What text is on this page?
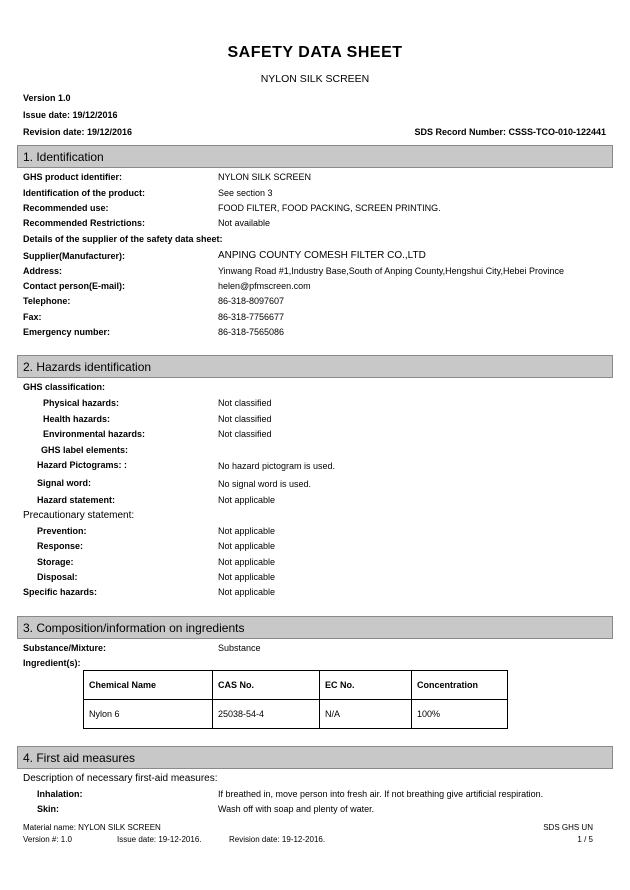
SAFETY DATA SHEET
NYLON SILK SCREEN
Version 1.0
Issue date: 19/12/2016
Revision date: 19/12/2016	SDS Record Number: CSSS-TCO-010-122441
1. Identification
GHS product identifier:	NYLON SILK SCREEN
Identification of the product:	See section 3
Recommended use:	FOOD FILTER, FOOD PACKING, SCREEN PRINTING.
Recommended Restrictions:	Not available
Details of the supplier of the safety data sheet:
Supplier(Manufacturer):	ANPING COUNTY COMESH FILTER CO.,LTD
Address:	Yinwang Road #1,Industry Base,South of Anping County,Hengshui City,Hebei Province
Contact person(E-mail):	helen@pfmscreen.com
Telephone:	86-318-8097607
Fax:	86-318-7756677
Emergency number:	86-318-7565086
2. Hazards identification
GHS classification:
Physical hazards:	Not classified
Health hazards:	Not classified
Environmental hazards:	Not classified
GHS label elements:
Hazard Pictograms: :	No hazard pictogram is used.
Signal word:	No signal word is used.
Hazard statement:	Not applicable
Precautionary statement:
Prevention:	Not applicable
Response:	Not applicable
Storage:	Not applicable
Disposal:	Not applicable
Specific hazards:	Not applicable
3. Composition/information on ingredients
Substance/Mixture:	Substance
Ingredient(s):
Chemical Name	CAS No.	EC No.	Concentration
Nylon 6	25038-54-4	N/A	100%
4. First aid measures
Description of necessary first-aid measures:
Inhalation:	If breathed in, move person into fresh air. If not breathing give artificial respiration.
Skin:	Wash off with soap and plenty of water.
Material name: NYLON SILK SCREEN
Version #: 1.0	Issue date: 19-12-2016.	Revision date: 19-12-2016.
SDS GHS UN
1 / 5
